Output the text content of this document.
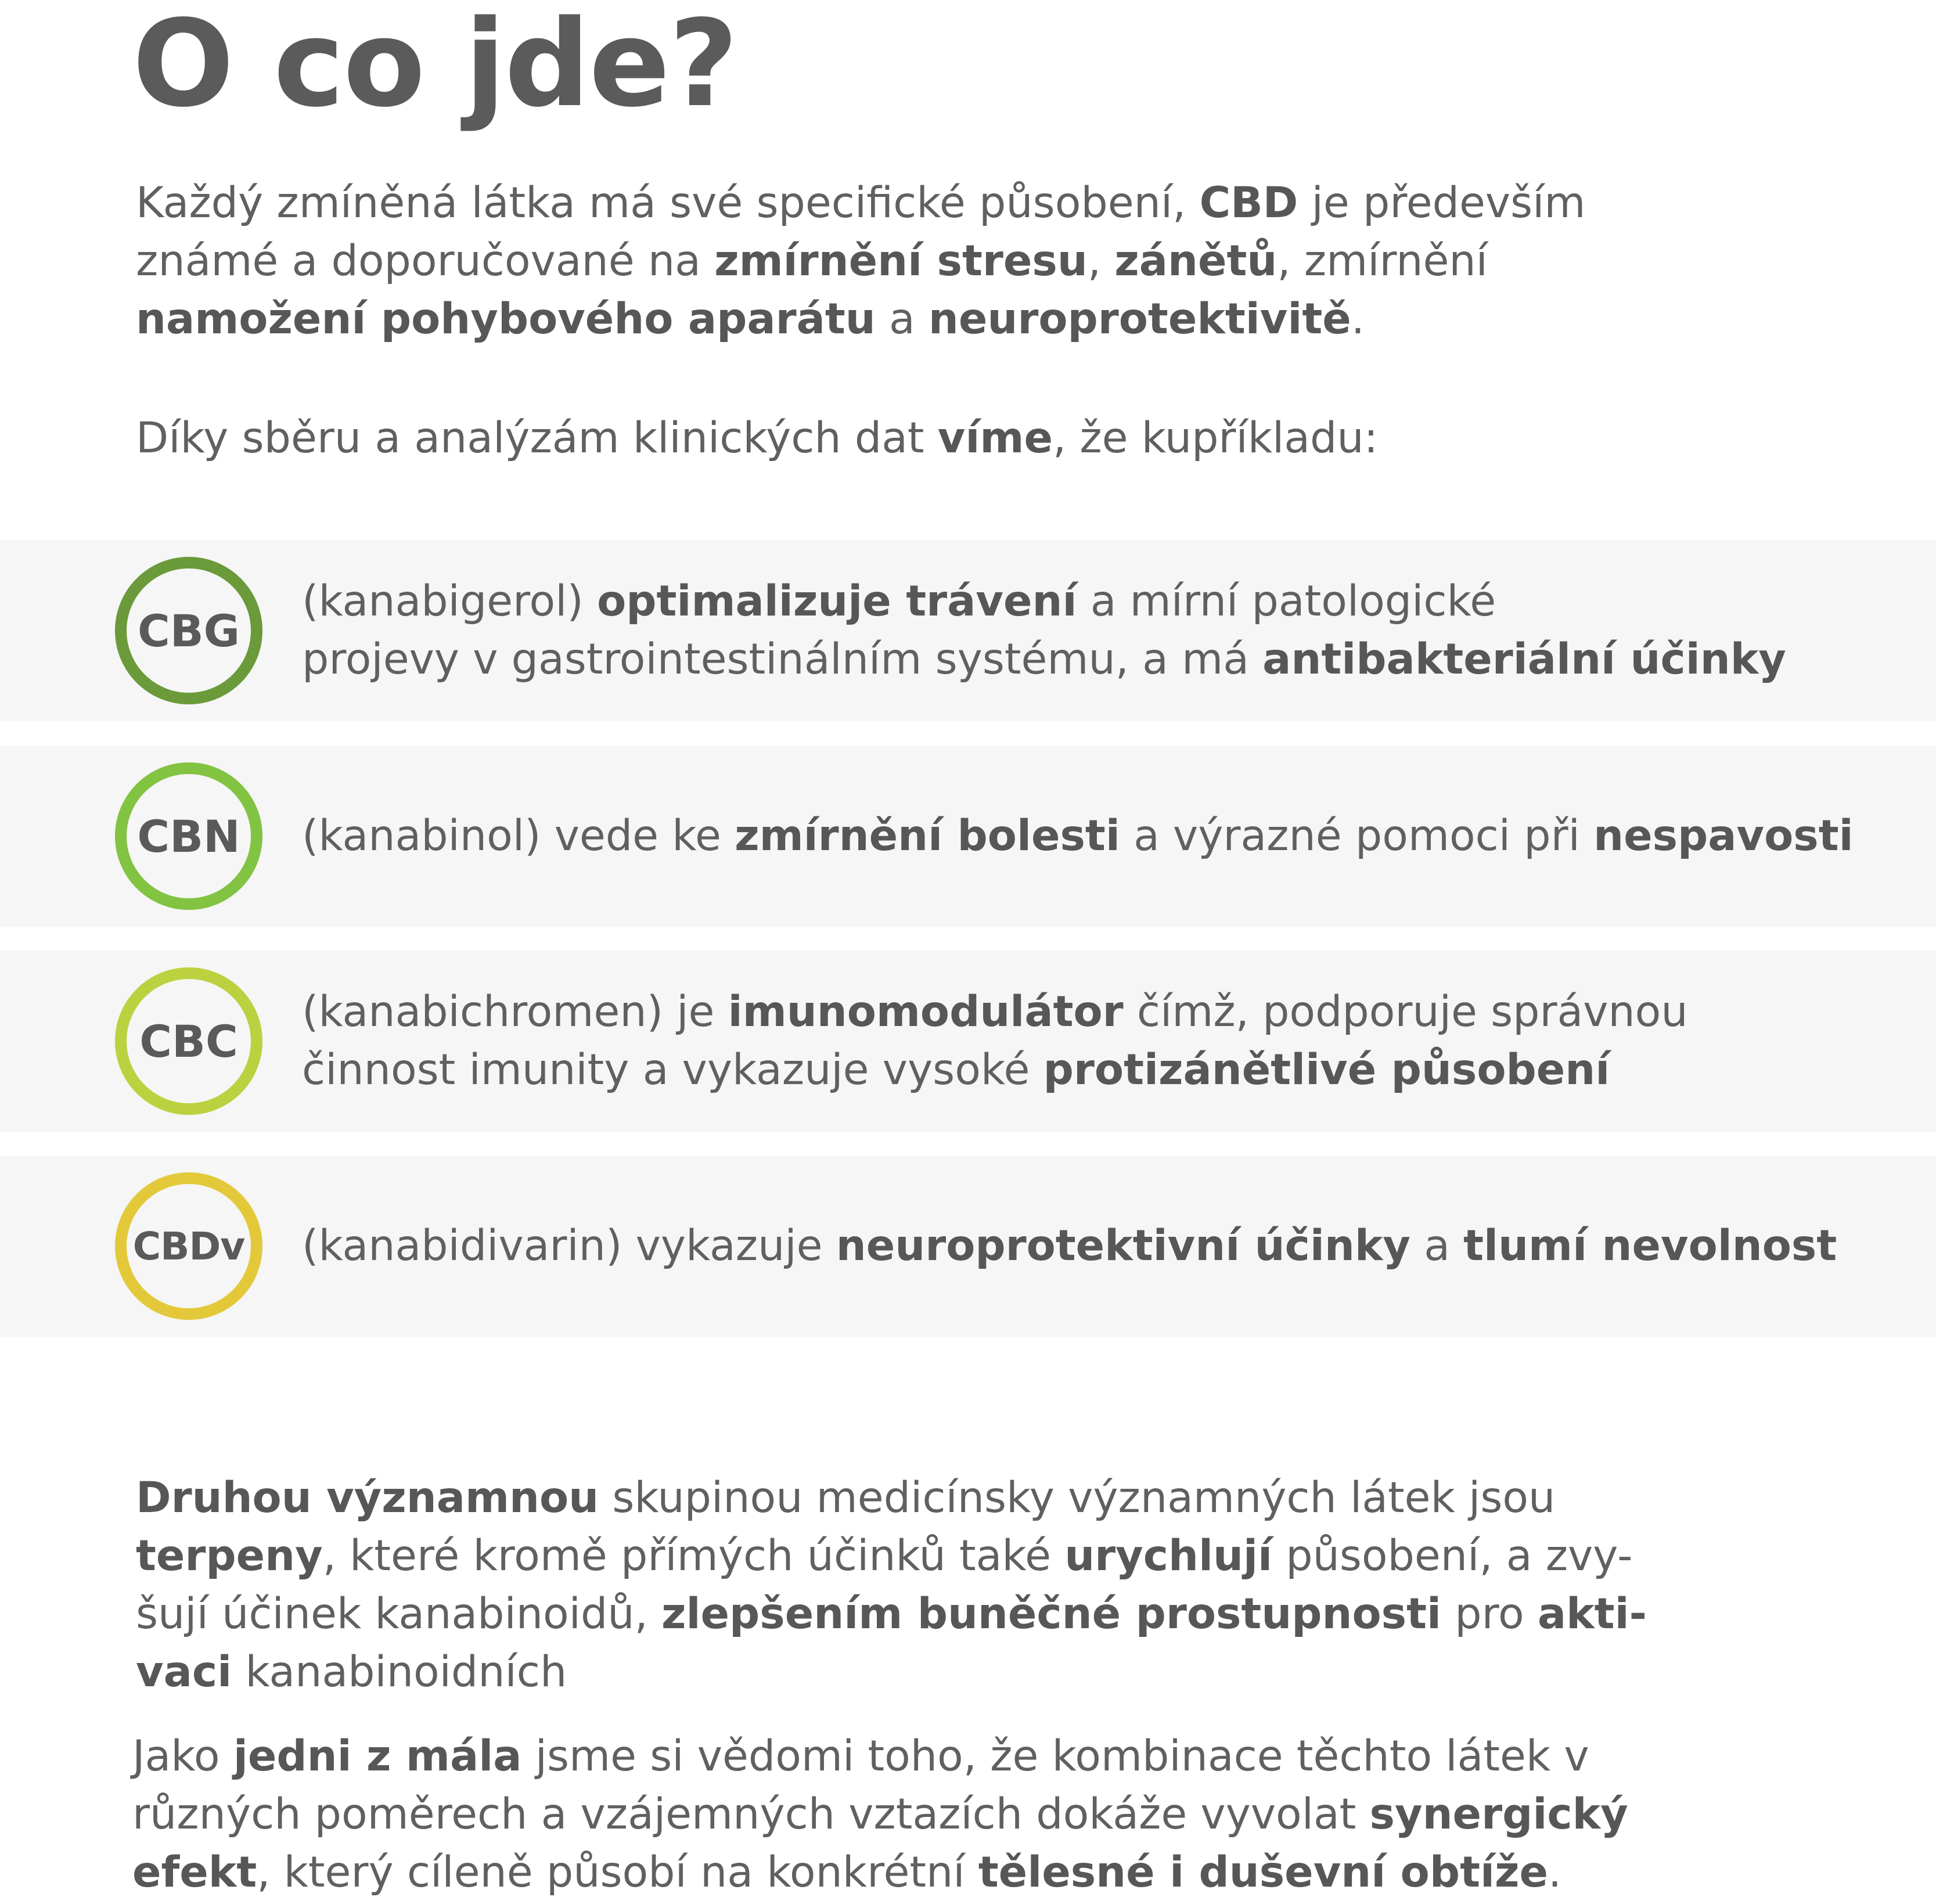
O co jde?

Každý zmíněná látka má své specifické působení, CBD je především
známé a doporučované na zmírnění stresu, zánětů, zmírnění
namožení pohybového aparátu a neuroprotektivitě.

Díky sběru a analýzám klinických dat víme, že kupříkladu:

CBG

(kanabigerol) optimalizuje trávení a mírní patologické
projevy v gastrointestinálním systému, a má antibakteriální účinky

CBN	(kanabinol) vede ke zmírnění bolesti a výrazné pomoci při nespavosti

CBC

(kanabichromen) je imunomodulátor čímž, podporuje správnou
činnost imunity a vykazuje vysoké protizánětlivé působení

CBDv	(kanabidivarin) vykazuje neuroprotektivní účinky a tlumí nevolnost

Druhou významnou skupinou medicínsky významných látek jsou
terpeny, které kromě přímých účinků také urychlují působení, a zvy-
šují účinek kanabinoidů, zlepšením buněčné prostupnosti pro akti-
vaci kanabinoidních

Jako jedni z mála jsme si vědomi toho, že kombinace těchto látek v
různých poměrech a vzájemných vztazích dokáže vyvolat synergický
efekt, který cíleně působí na konkrétní tělesné i duševní obtíže.
